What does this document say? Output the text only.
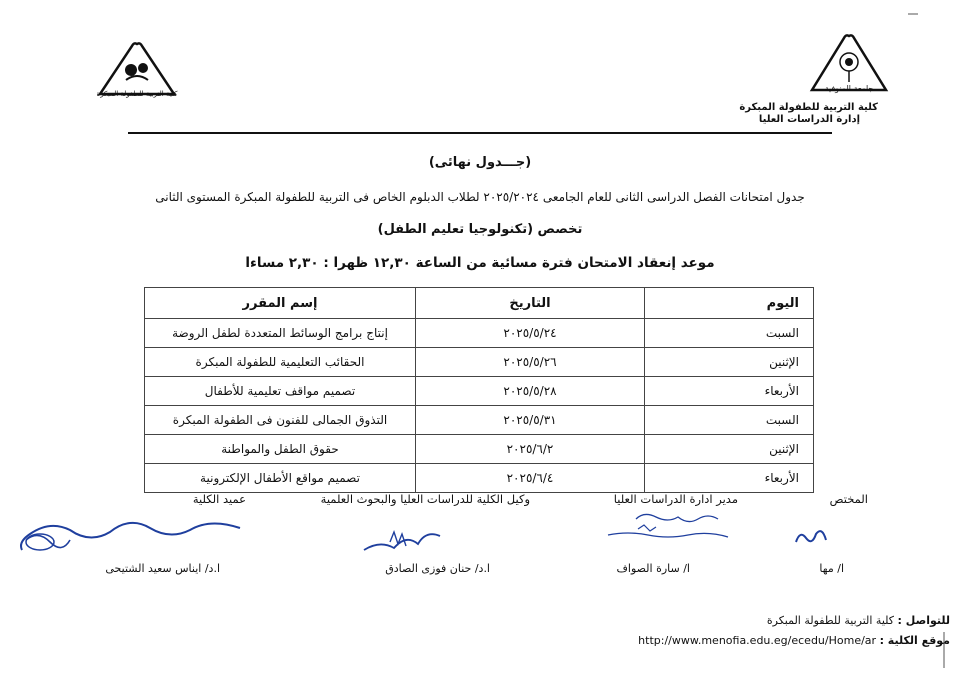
جامعة المنوفية
كلية التربية للطفولة المبكرة
كلية التربية للطفولة المبكرة
إدارة الدراسات العليا
(جـــدول نهائى)
جدول امتحانات الفصل الدراسى الثانى للعام الجامعى ٢٠٢٥/٢٠٢٤ لطلاب الدبلوم الخاص فى التربية للطفولة المبكرة المستوى الثانى
تخصص (تكنولوجيا تعليم الطفل)
موعد إنعقاد الامتحان فترة مسائية من الساعة ١٢,٣٠ ظهرا : ٢,٣٠ مساءا
اليوم	التاريخ	إسم المقرر
السبت	٢٠٢٥/٥/٢٤	إنتاج برامج الوسائط المتعددة لطفل الروضة
الإثنين	٢٠٢٥/٥/٢٦	الحقائب التعليمية للطفولة المبكرة
الأربعاء	٢٠٢٥/٥/٢٨	تصميم مواقف تعليمية للأطفال
السبت	٢٠٢٥/٥/٣١	التذوق الجمالى للفنون فى الطفولة المبكرة
الإثنين	٢٠٢٥/٦/٢	حقوق الطفل والمواطنة
الأربعاء	٢٠٢٥/٦/٤	تصميم مواقع الأطفال الإلكترونية
المختص
مدير ادارة الدراسات العليا
وكيل الكلية للدراسات العليا والبحوث العلمية
عميد الكلية
ا/ مها
ا/ سارة الصواف
ا.د/ حنان فوزى الصادق
ا.د/ ايناس سعيد الشتيحى
للتواصل : كلية التربية للطفولة المبكرة
موقع الكلية : http://www.menofia.edu.eg/ecedu/Home/ar
